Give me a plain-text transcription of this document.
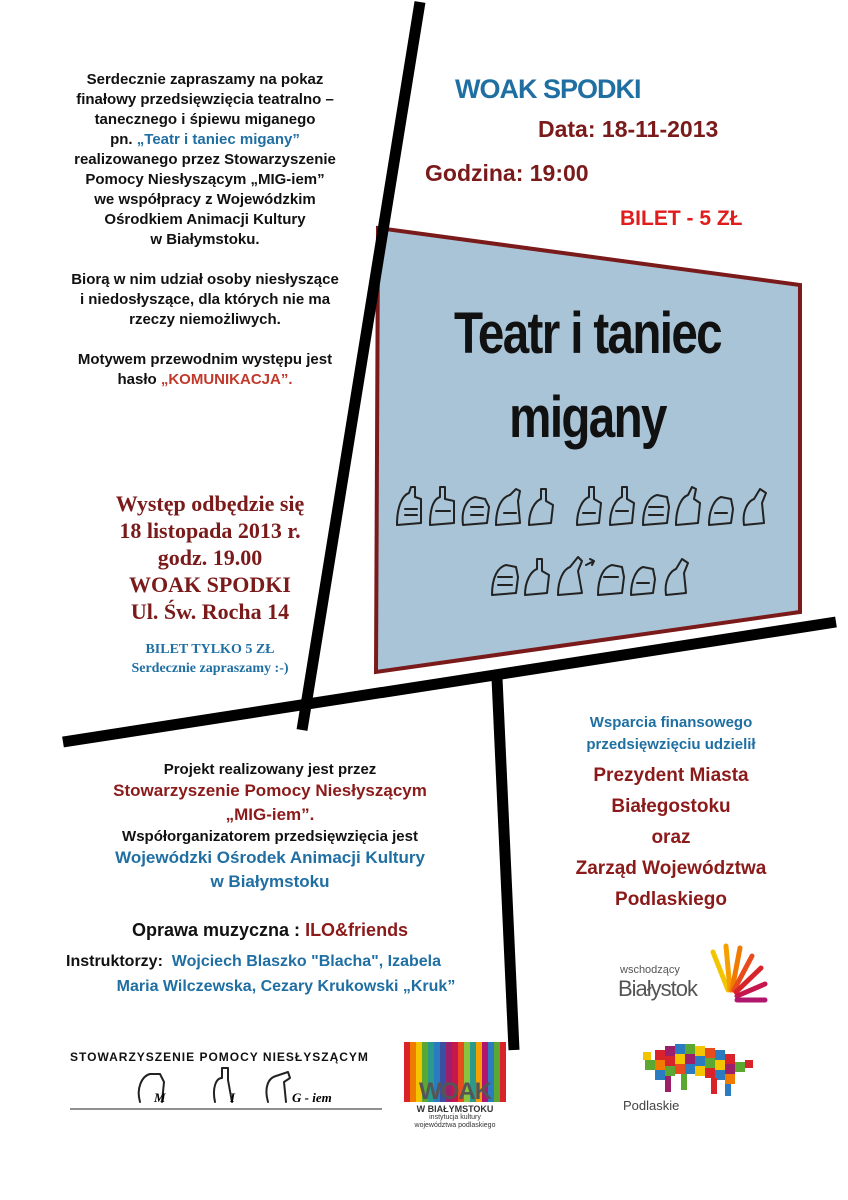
Serdecznie zapraszamy na pokaz

finałowy przedsięwzięcia teatralno –

tanecznego i śpiewu miganego

pn. „Teatr i taniec migany”

realizowanego przez Stowarzyszenie

Pomocy Niesłyszącym „MIG-iem”

we współpracy z Wojewódzkim

Ośrodkiem Animacji Kultury

w Białymstoku.

Biorą w nim udział osoby niesłyszące

i niedosłyszące, dla których nie ma

rzeczy niemożliwych.

Motywem przewodnim występu jest

hasło „KOMUNIKACJA”.

Występ odbędzie się
18 listopada 2013 r.
godz. 19.00
WOAK SPODKI
Ul. Św. Rocha 14
BILET TYLKO 5 ZŁ
Serdecznie zapraszamy :-)
WOAK SPODKI
Data: 18-11-2013
Godzina: 19:00
BILET - 5 ZŁ
Teatr i taniec
migany
Projekt realizowany jest przez
Stowarzyszenie Pomocy Niesłyszącym
„MIG-iem”.
Współorganizatorem przedsięwzięcia jest
Wojewódzki Ośrodek Animacji Kultury
w Białymstoku
Oprawa muzyczna : ILO&friends
Instruktorzy: Wojciech Blaszko "Blacha", Izabela
Maria Wilczewska, Cezary Krukowski „Kruk”
Wsparcia finansowego
przedsięwzięciu udzielił
Prezydent Miasta
Białegostoku
oraz
Zarząd Województwa
Podlaskiego
wschodzący
Białystok
Podlaskie
STOWARZYSZENIE POMOCY NIESŁYSZĄCYM
M	I	G - iem	WOAK
W BIAŁYMSTOKU
instytucja kultury
województwa podlaskiego
